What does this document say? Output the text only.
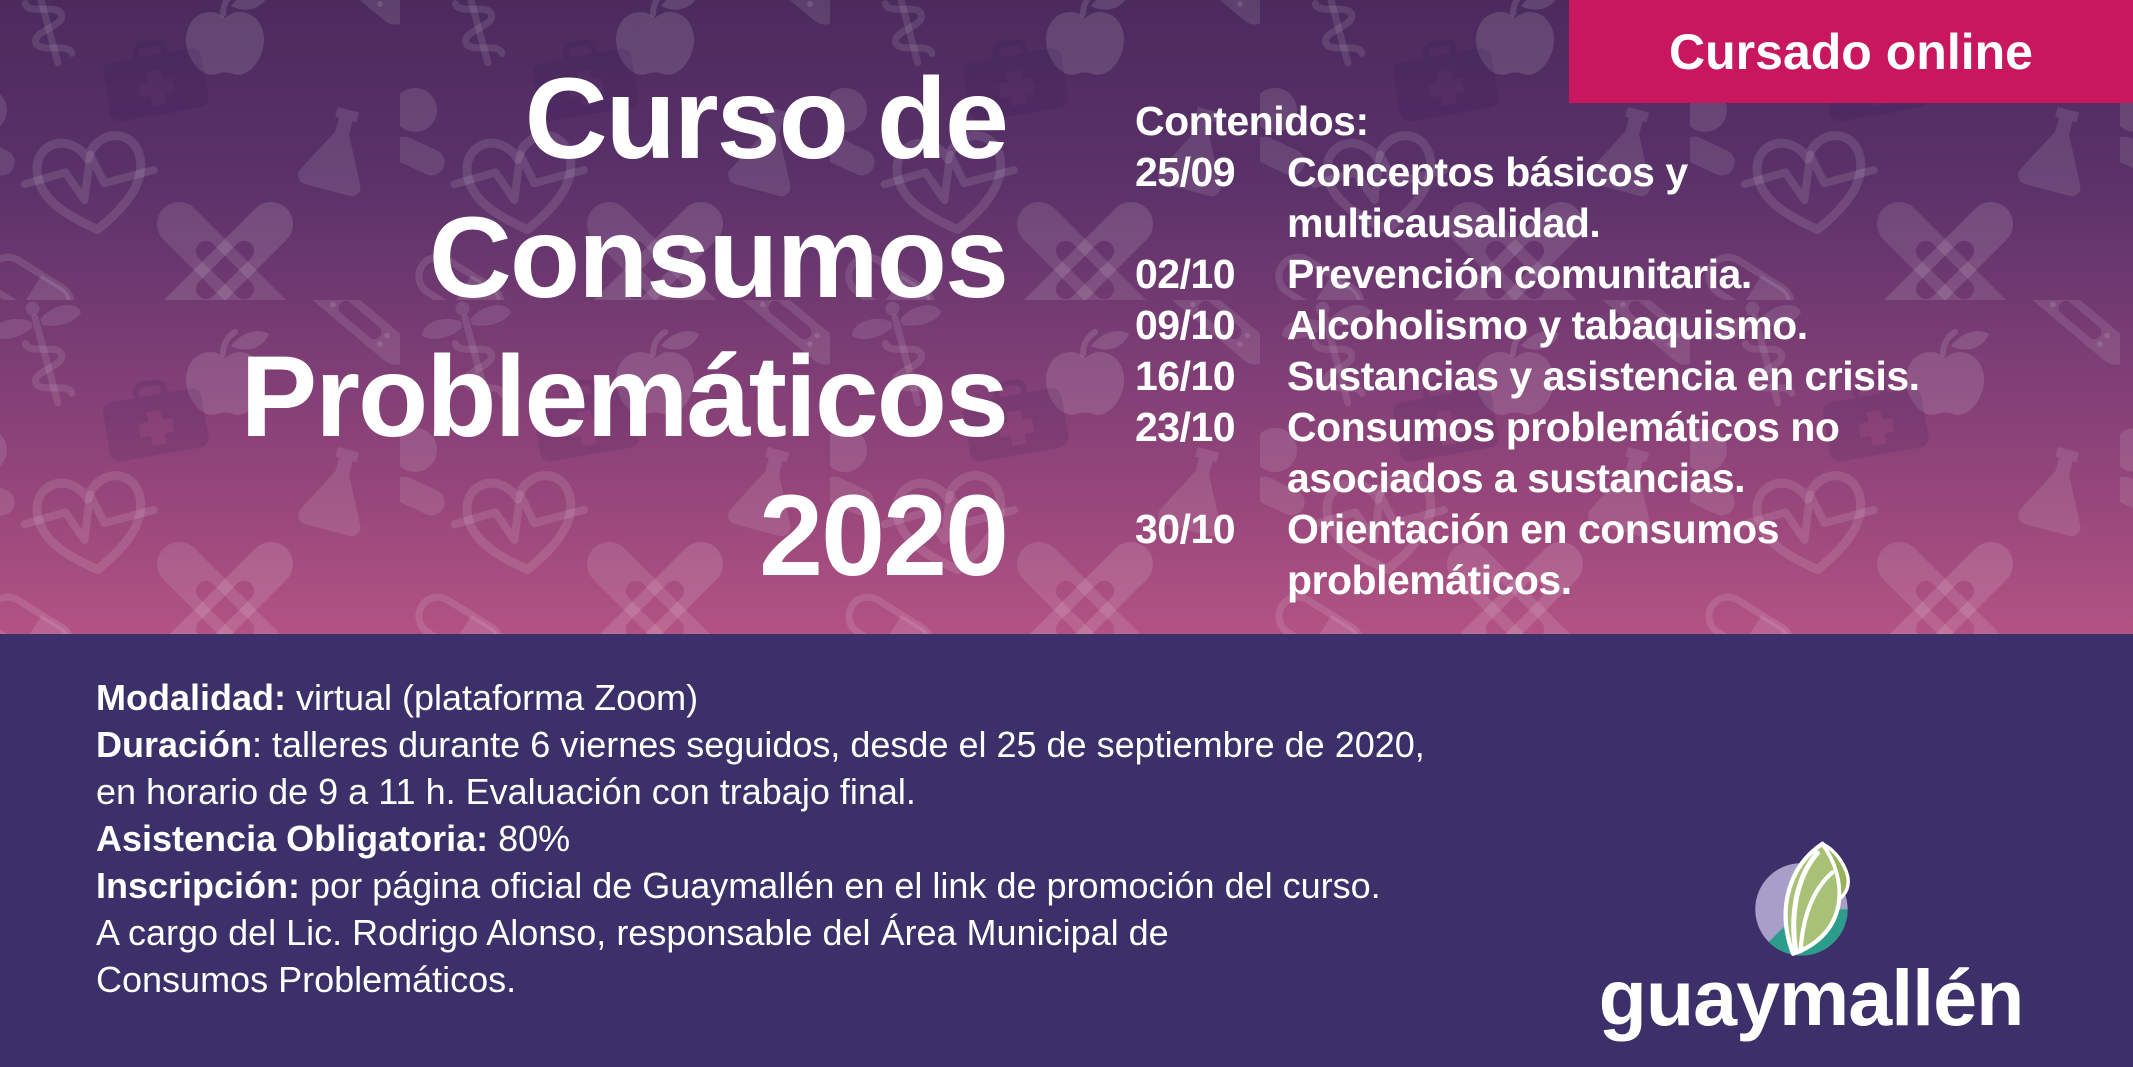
Cursado online
Curso de
Consumos
Problemáticos
2020
Contenidos:
25/09	Conceptos básicos y
multicausalidad.
02/10	Prevención comunitaria.
09/10	Alcoholismo y tabaquismo.
16/10	Sustancias y asistencia en crisis.
23/10	Consumos problemáticos no
asociados a sustancias.
30/10	Orientación en consumos
problemáticos.
Modalidad: virtual (plataforma Zoom)
Duración: talleres durante 6 viernes seguidos, desde el 25 de septiembre de 2020,
en horario de 9 a 11 h. Evaluación con trabajo final.
Asistencia Obligatoria: 80%
Inscripción: por página oficial de Guaymallén en el link de promoción del curso.
A cargo del Lic. Rodrigo Alonso, responsable del Área Municipal de
Consumos Problemáticos.	guaymallén
